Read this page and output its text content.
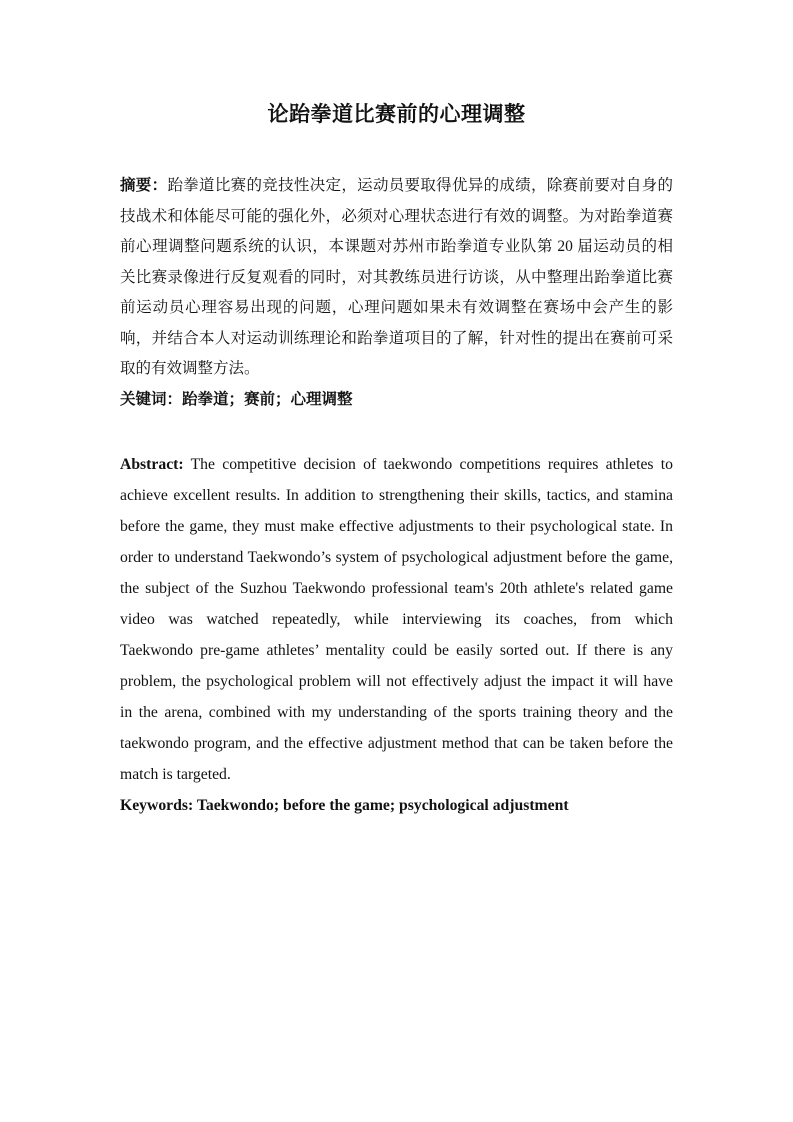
论跆拳道比赛前的心理调整
摘要：跆拳道比赛的竞技性决定，运动员要取得优异的成绩，除赛前要对自身的
技战术和体能尽可能的强化外，必须对心理状态进行有效的调整。为对跆拳道赛
前心理调整问题系统的认识，本课题对苏州市跆拳道专业队第 20 届运动员的相
关比赛录像进行反复观看的同时，对其教练员进行访谈，从中整理出跆拳道比赛
前运动员心理容易出现的问题，心理问题如果未有效调整在赛场中会产生的影
响，并结合本人对运动训练理论和跆拳道项目的了解，针对性的提出在赛前可采
取的有效调整方法。
关键词：跆拳道；赛前；心理调整
Abstract: The competitive decision of taekwondo competitions requires athletes to
achieve excellent results. In addition to strengthening their skills, tactics, and stamina
before the game, they must make effective adjustments to their psychological state. In
order to understand Taekwondo’s system of psychological adjustment before the game,
the subject of the Suzhou Taekwondo professional team's 20th athlete's related game
video was watched repeatedly, while interviewing its coaches, from which
Taekwondo pre-game athletes’ mentality could be easily sorted out. If there is any
problem, the psychological problem will not effectively adjust the impact it will have
in the arena, combined with my understanding of the sports training theory and the
taekwondo program, and the effective adjustment method that can be taken before the
match is targeted.
Keywords: Taekwondo; before the game; psychological adjustment
